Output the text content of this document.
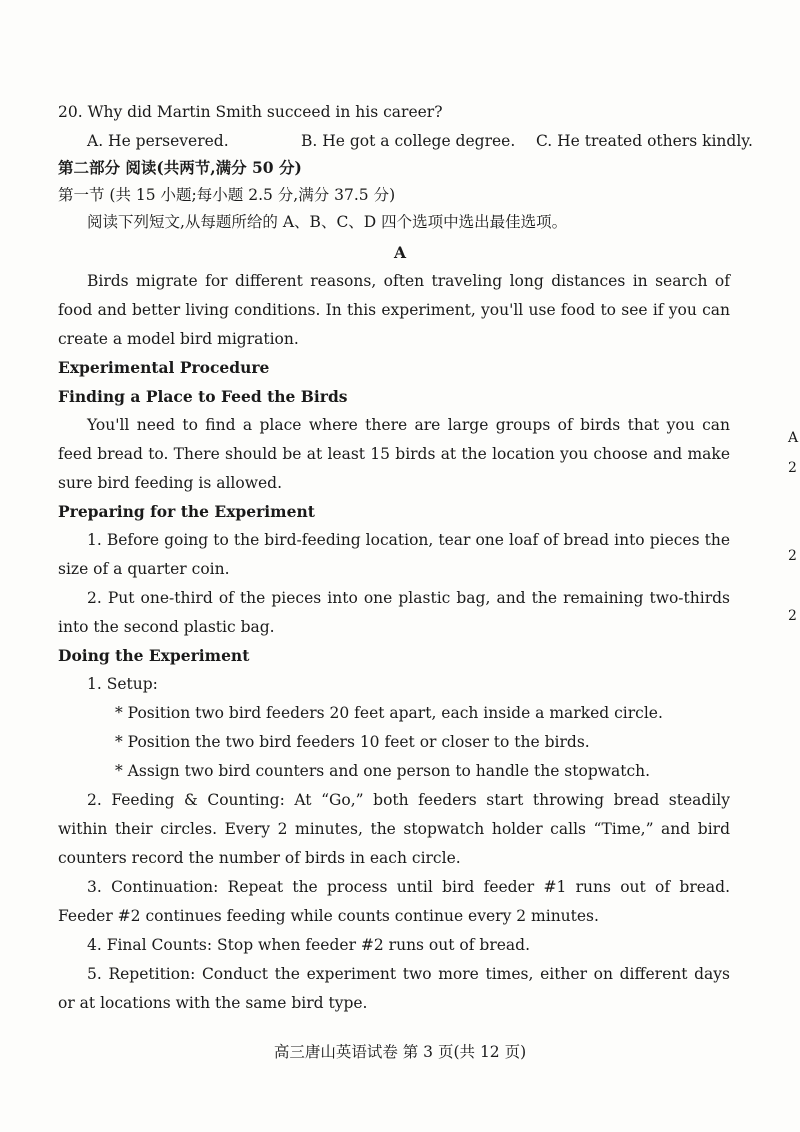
20. Why did Martin Smith succeed in his career?
A. He persevered.	B. He got a college degree. C. He treated others kindly.
第二部分 阅读(共两节,满分 50 分)
第一节 (共 15 小题;每小题 2.5 分,满分 37.5 分)
阅读下列短文,从每题所给的 A、B、C、D 四个选项中选出最佳选项。
A
Birds migrate for different reasons, often traveling long distances in search of food and better living conditions. In this experiment, you'll use food to see if you can create a model bird migration.
Experimental Procedure
Finding a Place to Feed the Birds
You'll need to find a place where there are large groups of birds that you can feed bread to. There should be at least 15 birds at the location you choose and make sure bird feeding is allowed.
Preparing for the Experiment
1. Before going to the bird-feeding location, tear one loaf of bread into pieces the size of a quarter coin.
2. Put one-third of the pieces into one plastic bag, and the remaining two-thirds into the second plastic bag.
Doing the Experiment
1. Setup:
* Position two bird feeders 20 feet apart, each inside a marked circle.
* Position the two bird feeders 10 feet or closer to the birds.
* Assign two bird counters and one person to handle the stopwatch.
2. Feeding & Counting: At “Go,” both feeders start throwing bread steadily within their circles. Every 2 minutes, the stopwatch holder calls “Time,” and bird counters record the number of birds in each circle.
3. Continuation: Repeat the process until bird feeder #1 runs out of bread. Feeder #2 continues feeding while counts continue every 2 minutes.
4. Final Counts: Stop when feeder #2 runs out of bread.
5. Repetition: Conduct the experiment two more times, either on different days or at locations with the same bird type.
A
2
2
2
高三唐山英语试卷 第 3 页(共 12 页)
